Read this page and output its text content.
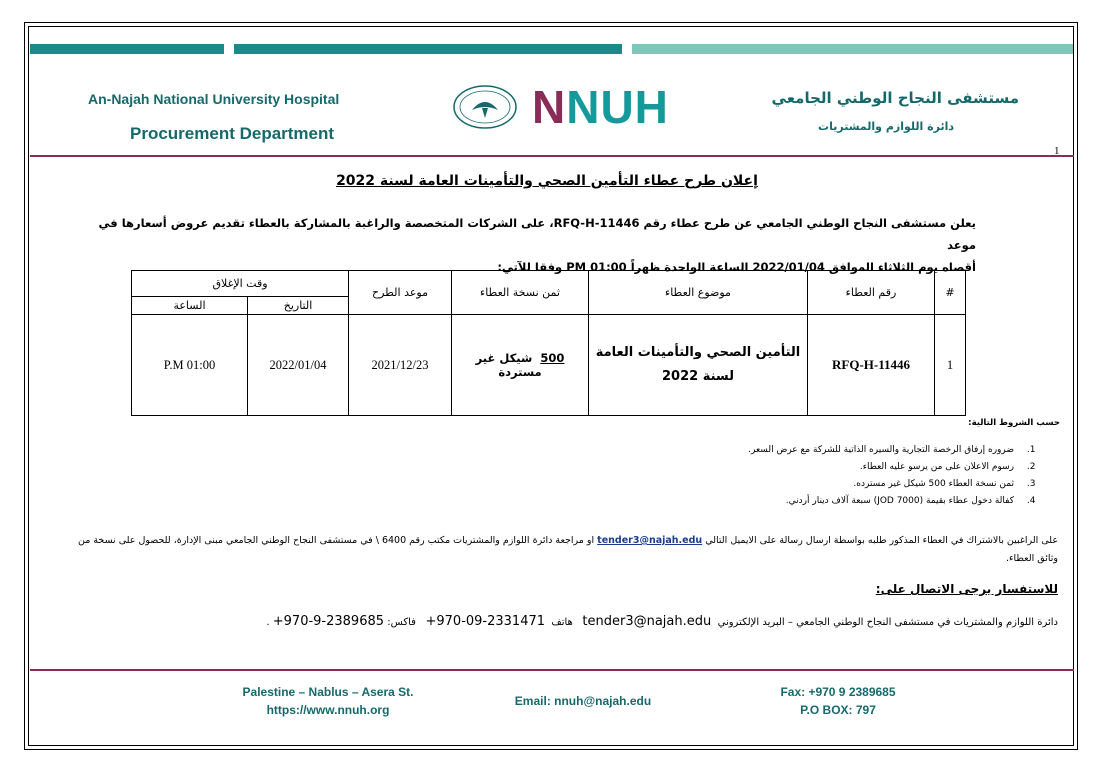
An-Najah National University Hospital
Procurement Department
مستشفى النجاح الوطني الجامعي
دائرة اللوازم والمشتريات
NNUH
1
إعلان طرح عطاء التأمين الصحي والتأمينات العامة لسنة 2022
يعلن مستشفى النجاح الوطني الجامعي عن طرح عطاء رقم RFQ-H-11446، على الشركات المتخصصة والراغبة بالمشاركة بالعطاء تقديم عروض أسعارها في موعد
أقصاه يوم الثلاثاء الموافق 2022/01/04 الساعة الواحدة ظهراً PM 01:00 وفقا للآتي:
#	رقم العطاء	موضوع العطاء	ثمن نسخة العطاء	موعد الطرح	وقت الإغلاق	
					التاريخ	الساعة
1	RFQ-H-11446	التأمين الصحي والتأمينات العامة لسنة 2022	500  شيكل غير مستردة	2021/12/23	2022/01/04	P.M 01:00
حسب الشروط التالية:
1. ضروره إرفاق الرخصة التجارية والسيره الذاتية للشركة مع عرض السعر.
2. رسوم الاعلان على من يرسو عليه العطاء.
3. ثمن نسخة العطاء 500 شيكل غير مسترده.
4. كفالة دخول عطاء بقيمة (JOD 7000) سبعة آلاف دينار أردني.
على الراغبين بالاشتراك في العطاء المذكور طلبه بواسطة ارسال رسالة على الايميل التالي tender3@najah.edu او مراجعة دائرة اللوازم والمشتريات مكتب رقم 6400 \ في مستشفى النجاح الوطني الجامعي مبنى الإدارة، للحصول على نسخة من وثائق العطاء.
للاستفسار يرجى الاتصال على:
دائرة اللوازم والمشتريات في مستشفى النجاح الوطني الجامعي – البريد الإلكتروني  tender3@najah.edu   هاتف  +970-09-2331471   فاكس: +970-9-2389685 .
Palestine – Nablus – Asera St.
https://www.nnuh.org
Email: nnuh@najah.edu
Fax: +970 9 2389685
P.O BOX: 797
